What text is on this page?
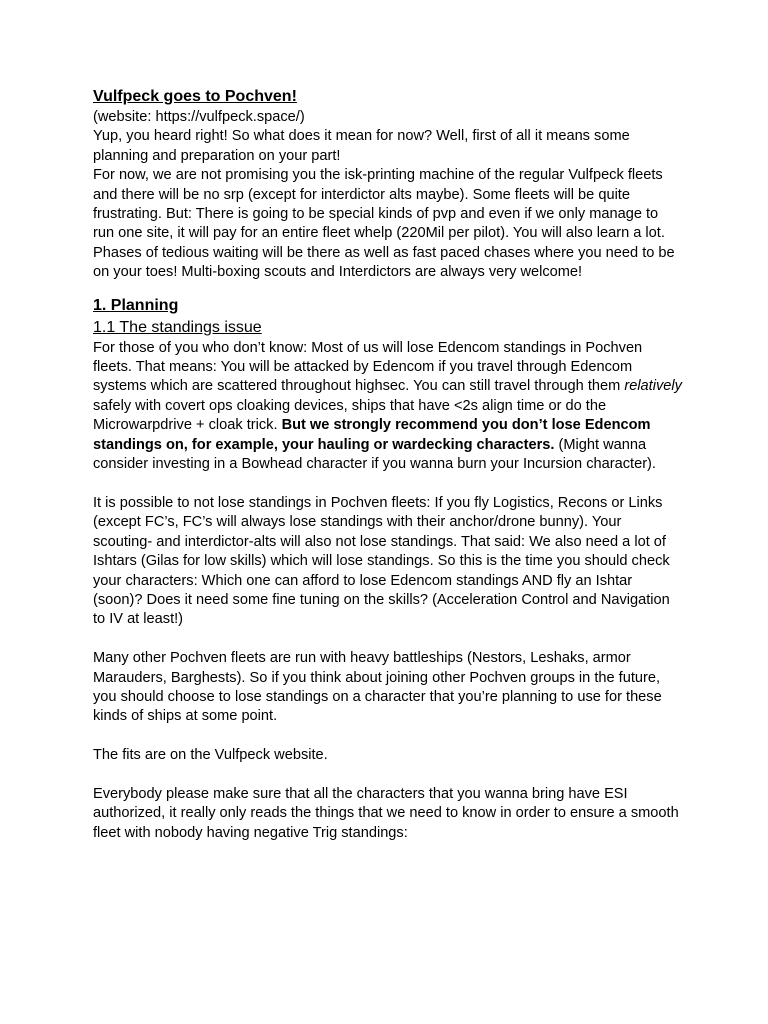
Vulfpeck goes to Pochven!

(website: https://vulfpeck.space/)

Yup, you heard right! So what does it mean for now? Well, first of all it means some planning and preparation on your part!

For now, we are not promising you the isk-printing machine of the regular Vulfpeck fleets and there will be no srp (except for interdictor alts maybe). Some fleets will be quite frustrating. But: There is going to be special kinds of pvp and even if we only manage to run one site, it will pay for an entire fleet whelp (220Mil per pilot). You will also learn a lot. Phases of tedious waiting will be there as well as fast paced chases where you need to be on your toes! Multi-boxing scouts and Interdictors are always very welcome!

1. Planning

1.1 The standings issue

For those of you who don’t know: Most of us will lose Edencom standings in Pochven fleets. That means: You will be attacked by Edencom if you travel through Edencom systems which are scattered throughout highsec. You can still travel through them relatively safely with covert ops cloaking devices, ships that have <2s align time or do the Microwarpdrive + cloak trick. But we strongly recommend you don’t lose Edencom standings on, for example, your hauling or wardecking characters. (Might wanna consider investing in a Bowhead character if you wanna burn your Incursion character).

It is possible to not lose standings in Pochven fleets: If you fly Logistics, Recons or Links (except FC’s, FC’s will always lose standings with their anchor/drone bunny). Your scouting- and interdictor-alts will also not lose standings. That said: We also need a lot of Ishtars (Gilas for low skills) which will lose standings. So this is the time you should check your characters: Which one can afford to lose Edencom standings AND fly an Ishtar (soon)? Does it need some fine tuning on the skills? (Acceleration Control and Navigation to IV at least!)

Many other Pochven fleets are run with heavy battleships (Nestors, Leshaks, armor Marauders, Barghests). So if you think about joining other Pochven groups in the future, you should choose to lose standings on a character that you’re planning to use for these kinds of ships at some point.

The fits are on the Vulfpeck website.

Everybody please make sure that all the characters that you wanna bring have ESI authorized, it really only reads the things that we need to know in order to ensure a smooth fleet with nobody having negative Trig standings:
